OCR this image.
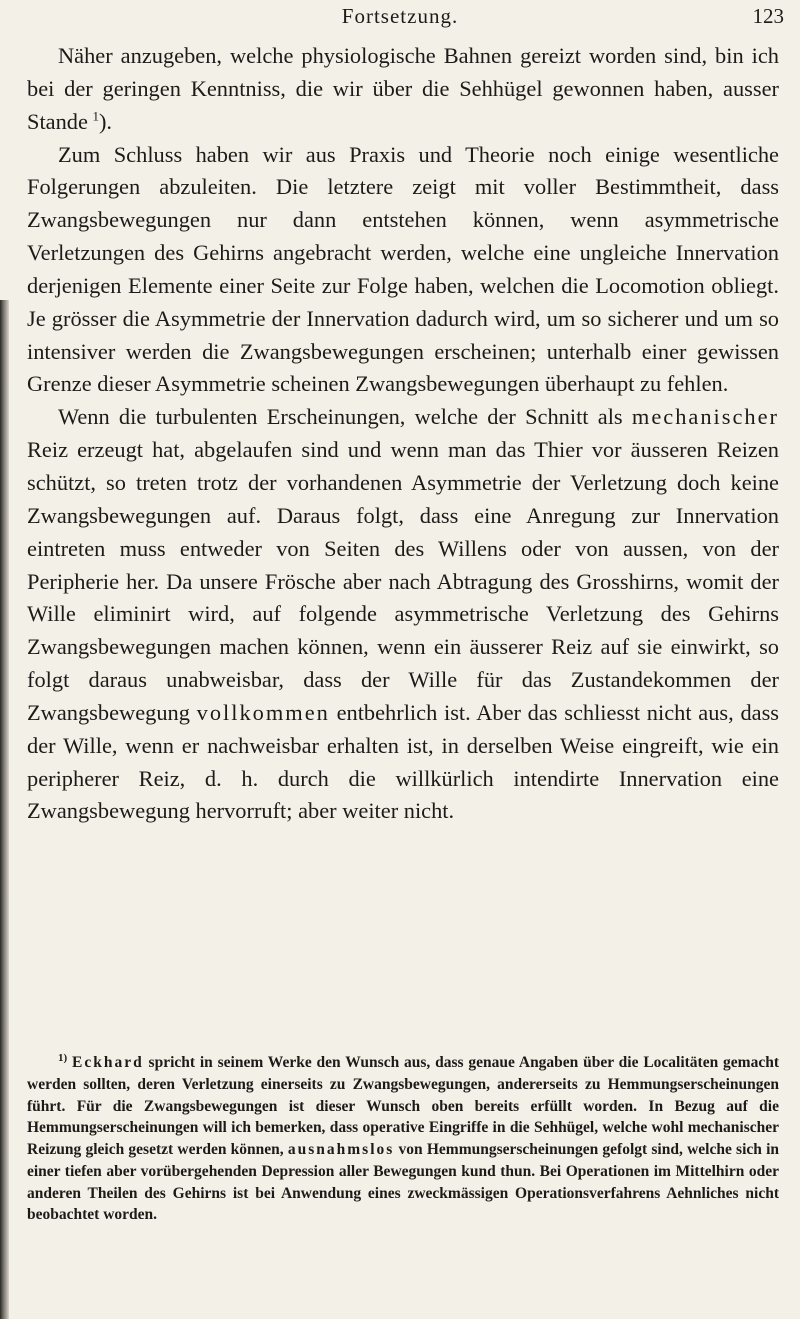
Fortsetzung.	123

Näher anzugeben, welche physiologische Bahnen gereizt worden sind, bin ich bei der geringen Kenntniss, die wir über die Sehhügel gewonnen haben, ausser Stande  $^1$).

Zum Schluss haben wir aus Praxis und Theorie noch einige wesentliche Folgerungen abzuleiten. Die letztere zeigt mit voller Bestimmtheit, dass Zwangsbewegungen nur dann entstehen können, wenn asymmetrische Verletzungen des Gehirns angebracht werden, welche eine ungleiche Innervation derjenigen Elemente einer Seite zur Folge haben, welchen die Locomotion obliegt. Je grösser die Asymmetrie der Innervation dadurch wird, um so sicherer und um so intensiver werden die Zwangsbewegungen erscheinen; unterhalb einer gewissen Grenze dieser Asymmetrie scheinen Zwangsbewegungen überhaupt zu fehlen.

Wenn die turbulenten Erscheinungen, welche der Schnitt als mechanischer Reiz erzeugt hat, abgelaufen sind und wenn man das Thier vor äusseren Reizen schützt, so treten trotz der vorhandenen Asymmetrie der Verletzung doch keine Zwangsbewegungen auf. Daraus folgt, dass eine Anregung zur Innervation eintreten muss entweder von Seiten des Willens oder von aussen, von der Peripherie her. Da unsere Frösche aber nach Abtragung des Grosshirns, womit der Wille eliminirt wird, auf folgende asymmetrische Verletzung des Gehirns Zwangsbewegungen machen können, wenn ein äusserer Reiz auf sie einwirkt, so folgt daraus unabweisbar, dass der Wille für das Zustandekommen der Zwangsbewegung vollkommen entbehrlich ist. Aber das schliesst nicht aus, dass der Wille, wenn er nachweisbar erhalten ist, in derselben Weise eingreift, wie ein peripherer Reiz, d. h. durch die willkürlich intendirte Innervation eine Zwangsbewegung hervorruft; aber weiter nicht.

$^{1)}$ Eckhard spricht in seinem Werke den Wunsch aus, dass genaue Angaben über die Localitäten gemacht werden sollten, deren Verletzung einerseits zu Zwangsbewegungen, andererseits zu Hemmungserscheinungen führt. Für die Zwangsbewegungen ist dieser Wunsch oben bereits erfüllt worden. In Bezug auf die Hemmungserscheinungen will ich bemerken, dass operative Eingriffe in die Sehhügel, welche wohl mechanischer Reizung gleich gesetzt werden können, ausnahmslos von Hemmungserscheinungen gefolgt sind, welche sich in einer tiefen aber vorübergehenden Depression aller Bewegungen kund thun. Bei Operationen im Mittelhirn oder anderen Theilen des Gehirns ist bei Anwendung eines zweckmässigen Operationsverfahrens Aehnliches nicht beobachtet worden.
